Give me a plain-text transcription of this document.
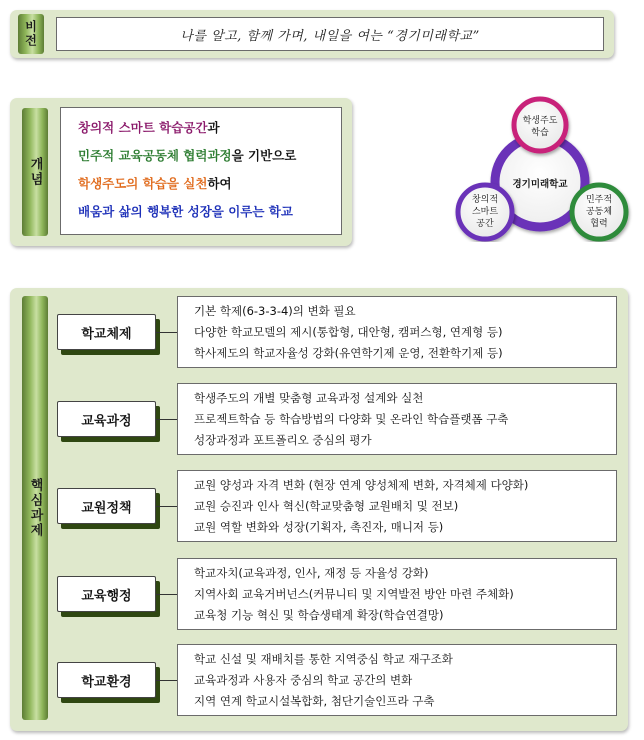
비전	나를 알고, 함께 가며, 내일을 여는 “경기미래학교”
개념
창의적 스마트 학습공간과
민주적 교육공동체 협력과정을 기반으로
학생주도의 학습을 실천하여
배움과 삶의 행복한 성장을 이루는 학교
경기미래학교
학생주도
학습
창의적
스마트
공간
민주적
공동체
협력
핵심과제
학교체제
기본 학제(6-3-3-4)의 변화 필요
다양한 학교모델의 제시(통합형, 대안형, 캠퍼스형, 연계형 등)
학사제도의 학교자율성 강화(유연학기제 운영, 전환학기제 등)
교육과정
학생주도의 개별 맞춤형 교육과정 설계와 실천
프로젝트학습 등 학습방법의 다양화 및 온라인 학습플랫폼 구축
성장과정과 포트폴리오 중심의 평가
교원정책
교원 양성과 자격 변화 (현장 연계 양성체제 변화, 자격체제 다양화)
교원 승진과 인사 혁신(학교맞춤형 교원배치 및 전보)
교원 역할 변화와 성장(기획자, 촉진자, 매니저 등)
교육행정
학교자치(교육과정, 인사, 재정 등 자율성 강화)
지역사회 교육거버넌스(커뮤니티 및 지역발전 방안 마련 주체화)
교육청 기능 혁신 및 학습생태계 확장(학습연결망)
학교환경
학교 신설 및 재배치를 통한 지역중심 학교 재구조화
교육과정과 사용자 중심의 학교 공간의 변화
지역 연계 학교시설복합화, 첨단기술인프라 구축
